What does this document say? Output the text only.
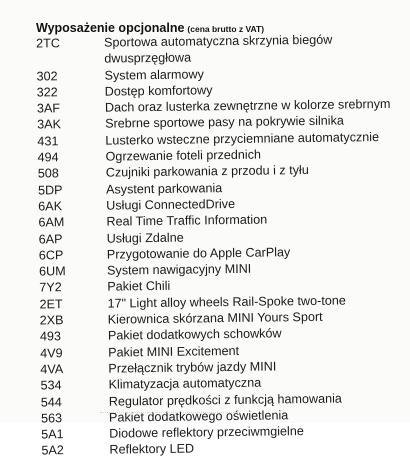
Wyposażenie opcjonalne (cena brutto z VAT)
2TC	Sportowa automatyczna skrzynia biegów
dwusprzęgłowa
302	System alarmowy
322	Dostęp komfortowy
3AF	Dach oraz lusterka zewnętrzne w kolorze srebrnym
3AK	Srebrne sportowe pasy na pokrywie silnika
431	Lusterko wsteczne przyciemniane automatycznie
494	Ogrzewanie foteli przednich
508	Czujniki parkowania z przodu i z tyłu
5DP	Asystent parkowania
6AK	Usługi ConnectedDrive
6AM	Real Time Traffic Information
6AP	Usługi Zdalne
6CP	Przygotowanie do Apple CarPlay
6UM	System nawigacyjny MINI
7Y2	Pakiet Chili
2ET	17" Light alloy wheels Rail-Spoke two-tone
2XB	Kierownica skórzana MINI Yours Sport
493	Pakiet dodatkowych schowków
4V9	Pakiet MINI Excitement
4VA	Przełącznik trybów jazdy MINI
534	Klimatyzacja automatyczna
544	Regulator prędkości z funkcją hamowania
563	Pakiet dodatkowego oświetlenia
5A1	Diodowe reflektory przeciwmgielne
5A2	Reflektory LED
